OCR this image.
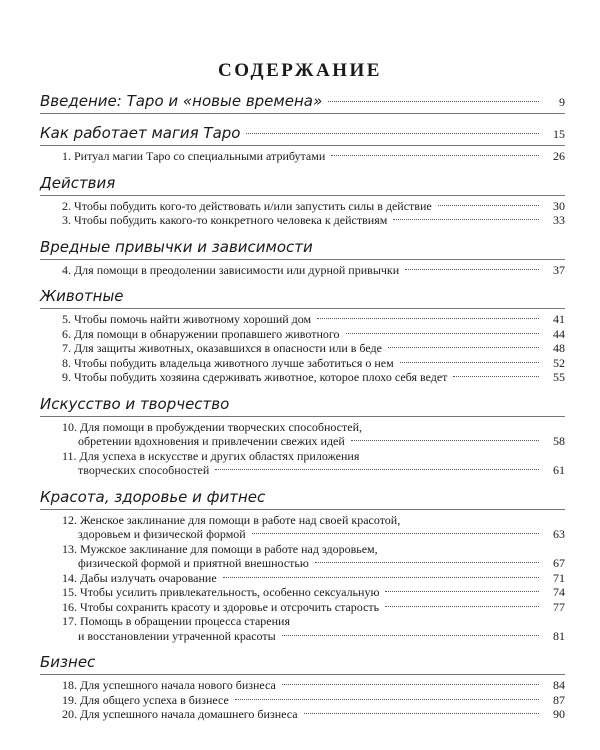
СОДЕРЖАНИЕ
Введение: Таро и «новые времена»	9
Как работает магия Таро	15
1. Ритуал магии Таро со специальными атрибутами	26
Действия
2. Чтобы побудить кого-то действовать и/или запустить силы в действие	30
3. Чтобы побудить какого-то конкретного человека к действиям	33
Вредные привычки и зависимости
4. Для помощи в преодолении зависимости или дурной привычки	37
Животные
5. Чтобы помочь найти животному хороший дом	41
6. Для помощи в обнаружении пропавшего животного	44
7. Для защиты животных, оказавшихся в опасности или в беде	48
8. Чтобы побудить владельца животного лучше заботиться о нем	52
9. Чтобы побудить хозяина сдерживать животное, которое плохо себя ведет	55
Искусство и творчество
10. Для помощи в пробуждении творческих способностей,
обретении вдохновения и привлечении свежих идей	58
11. Для успеха в искусстве и других областях приложения
творческих способностей	61
Красота, здоровье и фитнес
12. Женское заклинание для помощи в работе над своей красотой,
здоровьем и физической формой	63
13. Мужское заклинание для помощи в работе над здоровьем,
физической формой и приятной внешностью	67
14. Дабы излучать очарование	71
15. Чтобы усилить привлекательность, особенно сексуальную	74
16. Чтобы сохранить красоту и здоровье и отсрочить старость	77
17. Помощь в обращении процесса старения
и восстановлении утраченной красоты	81
Бизнес
18. Для успешного начала нового бизнеса	84
19. Для общего успеха в бизнесе	87
20. Для успешного начала домашнего бизнеса	90
